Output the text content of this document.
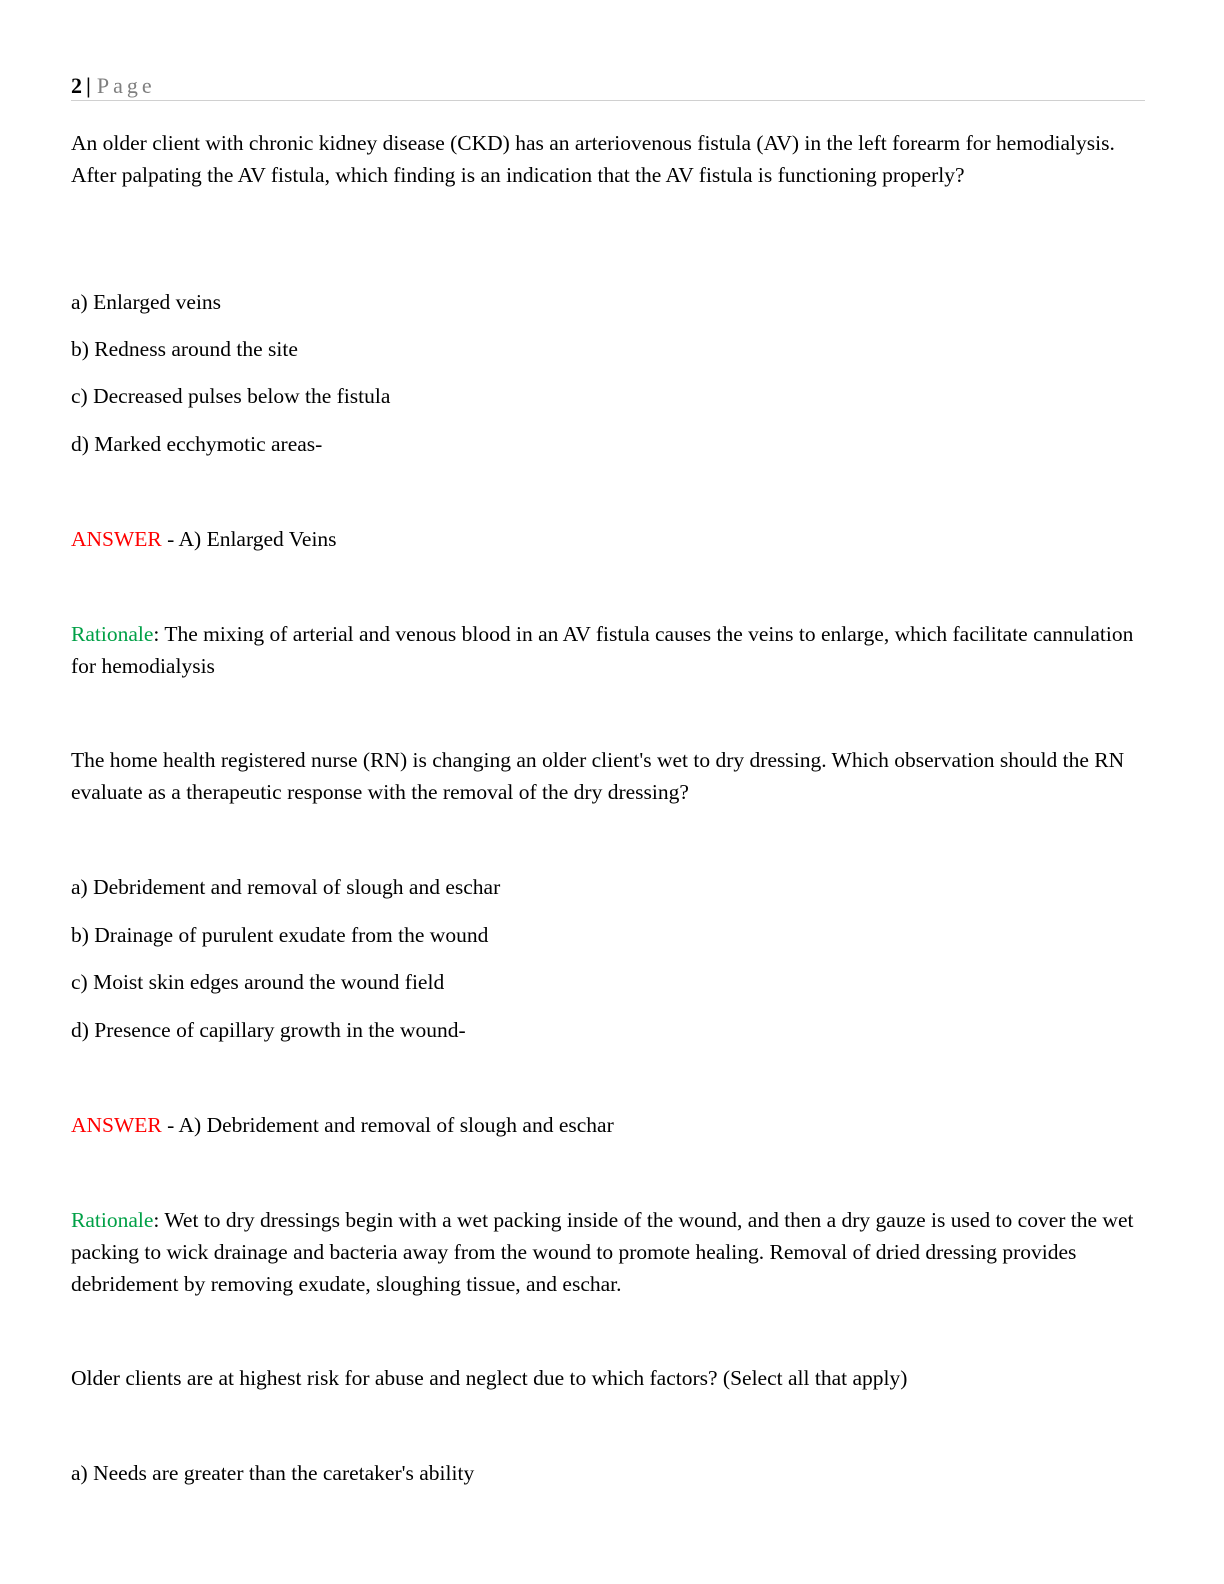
2 | Page

An older client with chronic kidney disease (CKD) has an arteriovenous fistula (AV) in the left forearm for hemodialysis. After palpating the AV fistula, which finding is an indication that the AV fistula is functioning properly?

a) Enlarged veins

b) Redness around the site

c) Decreased pulses below the fistula

d) Marked ecchymotic areas-

ANSWER - A) Enlarged Veins

Rationale: The mixing of arterial and venous blood in an AV fistula causes the veins to enlarge, which facilitate cannulation for hemodialysis

The home health registered nurse (RN) is changing an older client's wet to dry dressing. Which observation should the RN evaluate as a therapeutic response with the removal of the dry dressing?

a) Debridement and removal of slough and eschar

b) Drainage of purulent exudate from the wound

c) Moist skin edges around the wound field

d) Presence of capillary growth in the wound-

ANSWER - A) Debridement and removal of slough and eschar

Rationale: Wet to dry dressings begin with a wet packing inside of the wound, and then a dry gauze is used to cover the wet packing to wick drainage and bacteria away from the wound to promote healing. Removal of dried dressing provides debridement by removing exudate, sloughing tissue, and eschar.

Older clients are at highest risk for abuse and neglect due to which factors? (Select all that apply)

a) Needs are greater than the caretaker's ability
